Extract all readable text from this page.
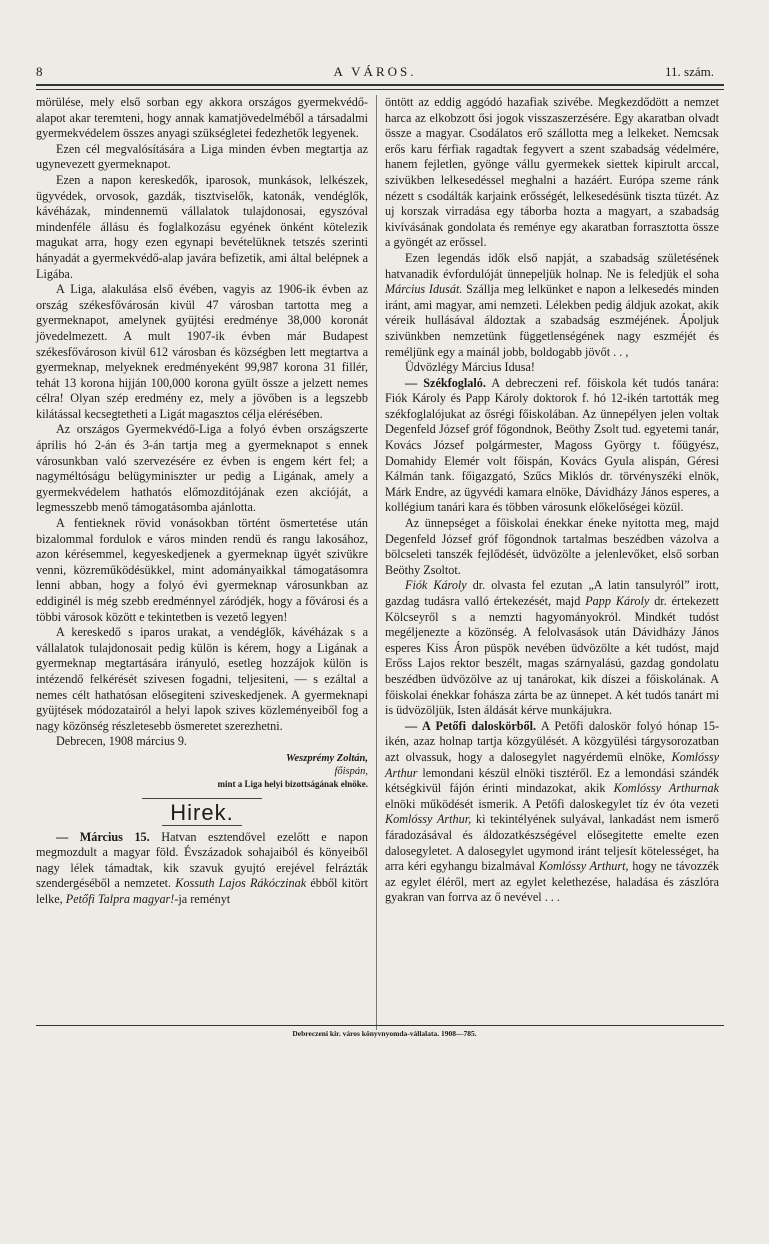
8	A VÁROS.	11. szám.

mörülése, mely első sorban egy akkora országos gyermekvédő-alapot akar teremteni, hogy annak kamatjövedelméből a társadalmi gyermekvédelem összes anyagi szükségletei fedezhetők legyenek.

Ezen cél megvalósítására a Liga minden évben megtartja az ugynevezett gyermeknapot.

Ezen a napon kereskedők, iparosok, munkások, lelkészek, ügyvédek, orvosok, gazdák, tisztviselők, katonák, vendéglők, kávéházak, mindennemü vállalatok tulajdonosai, egyszóval mindenféle állásu és foglalkozásu egyének önként kötelezik magukat arra, hogy ezen egynapi bevételüknek tetszés szerinti hányadát a gyermekvédő-alap javára befizetik, ami által belépnek a Ligába.

A Liga, alakulása első évében, vagyis az 1906-ik évben az ország székesfővárosán kivül 47 városban tartotta meg a gyermeknapot, amelynek gyüjtési eredménye 38,000 koronát jövedelmezett. A mult 1907-ik évben már Budapest székesfővároson kivül 612 városban és községben lett megtartva a gyermeknap, melyeknek eredményeként 99,987 korona 31 fillér, tehát 13 korona hijján 100,000 korona gyült össze a jelzett nemes célra! Olyan szép eredmény ez, mely a jövőben is a legszebb kilátással kecsegtetheti a Ligát magasztos célja elérésében.

Az országos Gyermekvédő-Liga a folyó évben országszerte április hó 2-án és 3-án tartja meg a gyermeknapot s ennek városunkban való szervezésére ez évben is engem kért fel; a nagyméltóságu belügyminiszter ur pedig a Ligának, amely a gyermekvédelem hathatós előmozditójának ezen akcióját, a legmesszebb menő támogatásomba ajánlotta.

A fentieknek rövid vonásokban történt ösmertetése után bizalommal fordulok e város minden rendü és rangu lakosához, azon kérésemmel, kegyeskedjenek a gyermeknap ügyét szivükre venni, közreműködésükkel, mint adományaikkal támogatásomra lenni abban, hogy a folyó évi gyermeknap városunkban az eddiginél is még szebb eredménnyel záródjék, hogy a fővárosi és a többi városok között e tekintetben is vezető legyen!

A kereskedő s iparos urakat, a vendéglők, kávéházak s a vállalatok tulajdonosait pedig külön is kérem, hogy a Ligának a gyermeknap megtartására irányuló, esetleg hozzájok külön is intézendő felkérését szivesen fogadni, teljesiteni, — s ezáltal a nemes célt hathatósan elősegiteni sziveskedjenek. A gyermeknapi gyüjtések módozatairól a helyi lapok szives közleményeiből fog a nagy közönség részletesebb ösmeretet szerezhetni.

Debrecen, 1908 március 9.

Weszprémy Zoltán,
főispán,
mint a Liga helyi bizottságának elnöke.
Hirek.

— Március 15. Hatvan esztendővel ezelőtt e napon megmozdult a magyar föld. Évszázadok sohajaiból és könyeiből nagy lélek támadtak, kik szavuk gyujtó erejével felrázták szendergéséből a nemzetet. Kossuth Lajos Rákóczinak ébből kitört lelke, Petőfi Talpra magyar!-ja reményt

öntött az eddig aggódó hazafiak szivébe. Megkezdődött a nemzet harca az elkobzott ősi jogok visszaszerzésére. Egy akaratban olvadt össze a magyar. Csodálatos erő szállotta meg a lelkeket. Nemcsak erős karu férfiak ragadtak fegyvert a szent szabadság védelmére, hanem fejletlen, gyönge vállu gyermekek siettek kipirult arccal, szivükben lelkesedéssel meghalni a hazáért. Európa szeme ránk nézett s csodálták karjaink erősségét, lelkesedésünk tiszta tüzét. Az uj korszak virradása egy táborba hozta a magyart, a szabadság kivívásának gondolata és reménye egy akaratban forrasztotta össze a gyöngét az erőssel.

Ezen legendás idők első napját, a szabadság születésének hatvanadik évfordulóját ünnepeljük holnap. Ne is feledjük el soha Március Idusát. Szállja meg lelkünket e napon a lelkesedés minden iránt, ami magyar, ami nemzeti. Lélekben pedig áldjuk azokat, akik véreik hullásával áldoztak a szabadság eszméjének. Ápoljuk szivünkben nemzetünk függetlenségének nagy eszméjét és reméljünk egy a mainál jobb, boldogabb jövőt . . ,

Üdvözlégy Március Idusa!

— Székfoglaló. A debreczeni ref. főiskola két tudós tanára: Fiók Károly és Papp Károly doktorok f. hó 12-ikén tartották meg székfoglalójukat az ősrégi főiskolában. Az ünnepélyen jelen voltak Degenfeld József gróf főgondnok, Beöthy Zsolt tud. egyetemi tanár, Kovács József polgármester, Magoss György t. főügyész, Domahidy Elemér volt főispán, Kovács Gyula alispán, Géresi Kálmán tank. főigazgató, Szűcs Miklós dr. törvényszéki elnök, Márk Endre, az ügyvédi kamara elnöke, Dávidházy János esperes, a kollégium tanári kara és többen városunk előkelőségei közül.

Az ünnepséget a főiskolai énekkar éneke nyitotta meg, majd Degenfeld József gróf főgondnok tartalmas beszédben vázolva a bölcseleti tanszék fejlődését, üdvözölte a jelenlevőket, első sorban Beöthy Zsoltot.

Fiók Károly dr. olvasta fel ezutan „A latin tansulyról” irott, gazdag tudásra valló értekezését, majd Papp Károly dr. értekezett Kölcseyről s a nemzti hagyományokról. Mindkét tudóst megéljenezte a közönség. A felolvasások után Dávidházy János esperes Kiss Áron püspök nevében üdvözölte a két tudóst, majd Erőss Lajos rektor beszélt, magas szárnyalású, gazdag gondolatu beszédben üdvözölve az uj tanárokat, kik díszei a főiskolának. A főiskolai énekkar fohásza zárta be az ünnepet. A két tudós tanárt mi is üdvözöljük, Isten áldását kérve munkájukra.

— A Petőfi daloskörből. A Petőfi daloskör folyó hónap 15-ikén, azaz holnap tartja közgyülését. A közgyülési tárgysorozatban azt olvassuk, hogy a dalosegylet nagyérdemü elnöke, Komlóssy Arthur lemondani készül elnöki tisztéről. Ez a lemondási szándék kétségkivül fájón érinti mindazokat, akik Komlóssy Arthurnak elnöki működését ismerik. A Petőfi daloskegylet tíz év óta vezeti Komlóssy Arthur, ki tekintélyének sulyával, lankadást nem ismerő fáradozásával és áldozatkészségével elősegitette emelte ezen dalosegyletet. A dalosegylet ugymond iránt teljesít kötelességet, ha arra kéri egyhangu bizalmával Komlóssy Arthurt, hogy ne távozzék az egylet éléről, mert az egylet kelethezése, haladása és zászlóra gyakran van forrva az ő nevével . . .

Debreczeni kir. város könyvnyomda-vállalata. 1908—785.
